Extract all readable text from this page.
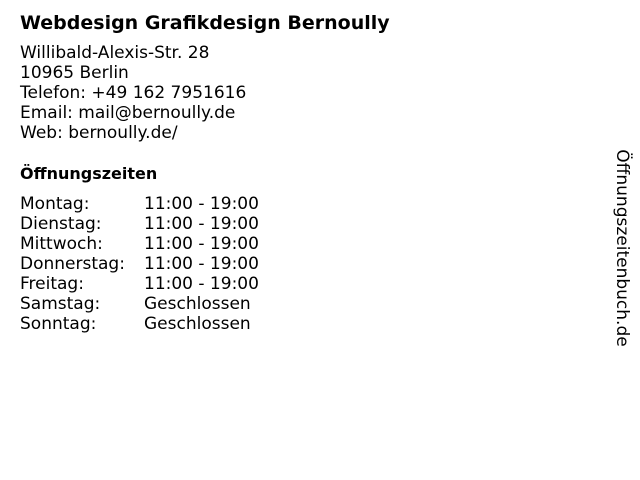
Webdesign Grafikdesign Bernoully
Willibald-Alexis-Str. 28
10965 Berlin
Telefon: +49 162 7951616
Email: mail@bernoully.de
Web: bernoully.de/
Öffnungszeiten
Montag:	11:00 - 19:00
Dienstag:	11:00 - 19:00
Mittwoch:	11:00 - 19:00
Donnerstag:	11:00 - 19:00
Freitag:	11:00 - 19:00
Samstag:	Geschlossen
Sonntag:	Geschlossen	Öffnungszeitenbuch.de
